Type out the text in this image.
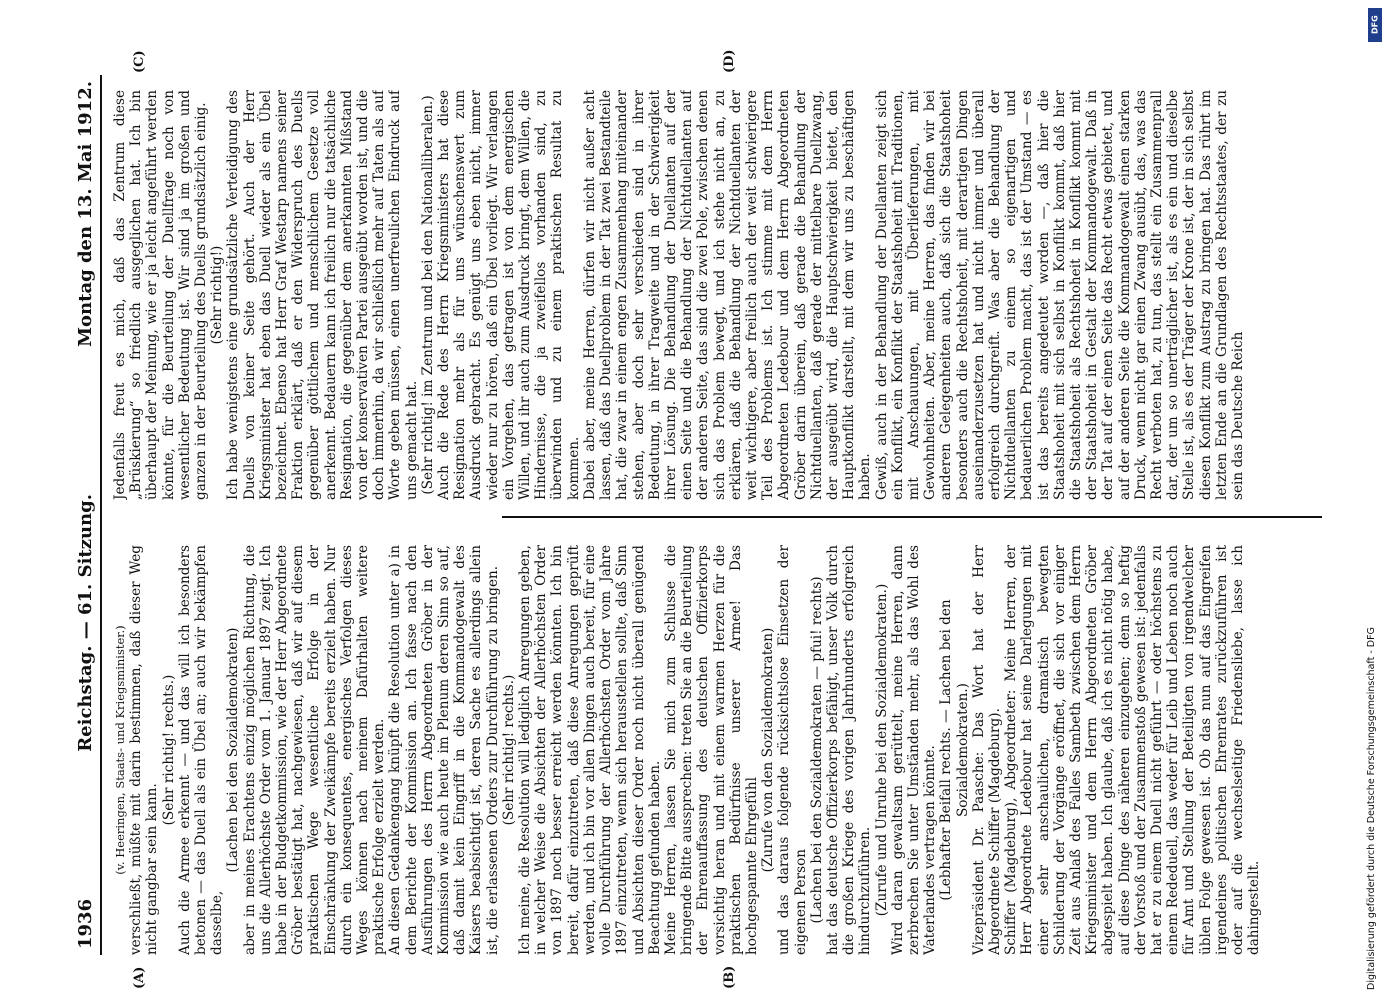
1936
Reichstag. — 61. Sitzung.
Montag den 13. Mai 1912.
(A)	(B)
(C)	(D)

(v. Heeringen, Staats- und Kriegsminister.) verschließt, müßte mit darin bestimmen, daß dieser Weg nicht gangbar sein kann.

(Sehr richtig! rechts.) Auch die Armee erkennt — und das will ich besonders betonen — das Duell als ein Übel an; auch wir bekämpfen dasselbe,

(Lachen bei den Sozialdemokraten) aber in meines Erachtens einzig möglichen Richtung, die uns die Allerhöchste Order vom 1. Januar 1897 zeigt. Ich habe in der Budgetkommission, wie der Herr Abgeordnete Gröber bestätigt hat, nachgewiesen, daß wir auf diesem praktischen Wege wesentliche Erfolge in der Einschränkung der Zweikämpfe bereits erzielt haben. Nur durch ein konsequentes, energisches Verfolgen dieses Weges können nach meinem Dafürhalten weitere praktische Erfolge erzielt werden. An diesen Gedankengang knüpft die Resolution unter a) in dem Berichte der Kommission an. Ich fasse nach den Ausführungen des Herrn Abgeordneten Gröber in der Kommission wie auch heute im Plenum deren Sinn so auf, daß damit kein Eingriff in die Kommandogewalt des Kaisers beabsichtigt ist, deren Sache es allerdings allein ist, die erlassenen Orders zur Durchführung zu bringen. (Sehr richtig! rechts.) Ich meine, die Resolution will lediglich Anregungen geben, in welcher Weise die Absichten der Allerhöchsten Order von 1897 noch besser erreicht werden könnten. Ich bin bereit, dafür einzutreten, daß diese Anregungen geprüft werden, und ich bin vor allen Dingen auch bereit, für eine volle Durchführung der Allerhöchsten Order vom Jahre 1897 einzutreten, wenn sich herausstellen sollte, daß Sinn und Absichten dieser Order noch nicht überall genügend Beachtung gefunden haben. Meine Herren, lassen Sie mich zum Schlusse die bringende Bitte aussprechen: treten Sie an die Beurteilung der Ehrenauffassung des deutschen Offizierkorps vorsichtig heran und mit einem warmen Herzen für die praktischen Bedürfnisse unserer Armee! Das hochgespannte Ehrgefühl (Zurufe von den Sozialdemokraten) und das daraus folgende rücksichtslose Einsetzen der eigenen Person (Lachen bei den Sozialdemokraten — pfui! rechts) hat das deutsche Offizierkorps befähigt, unser Volk durch die großen Kriege des vorigen Jahrhunderts erfolgreich hindurchzuführen. (Zurufe und Unruhe bei den Sozialdemokraten.) Wird daran gewaltsam gerüttelt, meine Herren, dann zerbrechen Sie unter Umständen mehr, als das Wohl des Vaterlandes vertragen könnte. (Lebhafter Beifall rechts. — Lachen bei den Sozialdemokraten.) Vizepräsident Dr. Paasche: Das Wort hat der Herr Abgeordnete Schiffer (Magdeburg). Schiffer (Magdeburg), Abgeordneter: Meine Herren, der Herr Abgeordnete Ledebour hat seine Darlegungen mit einer sehr anschaulichen, dramatisch bewegten Schilderung der Vorgänge eröffnet, die sich vor einiger Zeit aus Anlaß des Falles Sambeth zwischen dem Herrn Kriegsminister und dem Herrn Abgeordneten Gröber abgespielt haben. Ich glaube, daß ich es nicht nötig habe, auf diese Dinge des näheren einzugehen; denn so heftig der Vorstoß und der Zusammenstoß gewesen ist: jedenfalls hat er zu einem Duell nicht geführt — oder höchstens zu einem Rededuell, das weder für Leib und Leben noch auch für Amt und Stellung der Beteiligten von irgendwelcher üblen Folge gewesen ist. Ob das nun auf das Eingreifen irgendeines politischen Ehrenrates zurückzuführen ist oder auf die wechselseitige Friedensliebe, lasse ich dahingestellt.

Jedenfalls freut es mich, daß das Zentrum diese „Brüskierung“ so friedlich ausgeglichen hat. Ich bin überhaupt der Meinung, wie er ja leicht angeführt werden könnte, für die Beurteilung der Duellfrage noch von wesentlicher Bedeutung ist. Wir sind ja im großen und ganzen in der Beurteilung des Duells grundsätzlich einig. (Sehr richtig!) Ich habe wenigstens eine grundsätzliche Verteidigung des Duells von keiner Seite gehört. Auch der Herr Kriegsminister hat eben das Duell wieder als ein Übel bezeichnet. Ebenso hat Herr Graf Westarp namens seiner Fraktion erklärt, daß er den Widerspruch des Duells gegenüber göttlichem und menschlichem Gesetze voll anerkennt. Bedauern kann ich freilich nur die tatsächliche Resignation, die gegenüber dem anerkannten Mißstand von der konservativen Partei ausgeübt worden ist, und die doch immerhin, da wir schließlich mehr auf Taten als auf Worte geben müssen, einen unerfreulichen Eindruck auf uns gemacht hat. (Sehr richtig! im Zentrum und bei den Nationalliberalen.) Auch die Rede des Herrn Kriegsministers hat diese Resignation mehr als für uns wünschenswert zum Ausdruck gebracht. Es genügt uns eben nicht, immer wieder nur zu hören, daß ein Übel vorliegt. Wir verlangen ein Vorgehen, das getragen ist von dem energischen Willen, und ihr auch zum Ausdruck bringt, dem Willen, die Hindernisse, die ja zweifellos vorhanden sind, zu überwinden und zu einem praktischen Resultat zu kommen. Dabei aber, meine Herren, dürfen wir nicht außer acht lassen, daß das Duellproblem in der Tat zwei Bestandteile hat, die zwar in einem engen Zusammenhang miteinander stehen, aber doch sehr verschieden sind in ihrer Bedeutung, in ihrer Tragweite und in der Schwierigkeit ihrer Lösung. Die Behandlung der Duellanten auf der einen Seite und die Behandlung der Nichtduellanten auf der anderen Seite, das sind die zwei Pole, zwischen denen sich das Problem bewegt, und ich stehe nicht an, zu erklären, daß die Behandlung der Nichtduellanten der weit wichtigere, aber freilich auch der weit schwierigere Teil des Problems ist. Ich stimme mit dem Herrn Abgeordneten Ledebour und dem Herrn Abgeordneten Gröber darin überein, daß gerade die Behandlung der Nichtduellanten, daß gerade der mittelbare Duellzwang, der ausgeübt wird, die Hauptschwierigkeit bietet, den Hauptkonflikt darstellt, mit dem wir uns zu beschäftigen haben. Gewiß, auch in der Behandlung der Duellanten zeigt sich ein Konflikt, ein Konflikt der Staatshoheit mit Traditionen, mit Anschauungen, mit Überlieferungen, mit Gewohnheiten. Aber, meine Herren, das finden wir bei anderen Gelegenheiten auch, daß sich die Staatshoheit besonders auch die Rechtshoheit, mit derartigen Dingen auseinanderzusetzen hat und nicht immer und überall erfolgreich durchgreift. Was aber die Behandlung der Nichtduellanten zu einem so eigenartigen und bedauerlichen Problem macht, das ist der Umstand — es ist das bereits angedeutet worden —, daß hier die Staatshoheit mit sich selbst in Konflikt kommt, daß hier die Staatshoheit als Rechtshoheit in Konflikt kommt mit der Staatshoheit in Gestalt der Kommandogewalt. Daß in der Tat auf der einen Seite das Recht etwas gebietet, und auf der anderen Seite die Kommandogewalt einen starken Druck, wenn nicht gar einen Zwang ausübt, das, was das Recht verboten hat, zu tun, das stellt ein Zusammenprall dar, der um so unerträglicher ist, als es ein und dieselbe Stelle ist, als es der Träger der Krone ist, der in sich selbst diesen Konflikt zum Austrag zu bringen hat. Das rührt im letzten Ende an die Grundlagen des Rechtsstaates, der zu sein das Deutsche Reich

DFG
Digitalisierung gefördert durch die Deutsche Forschungsgemeinschaft - DFG
